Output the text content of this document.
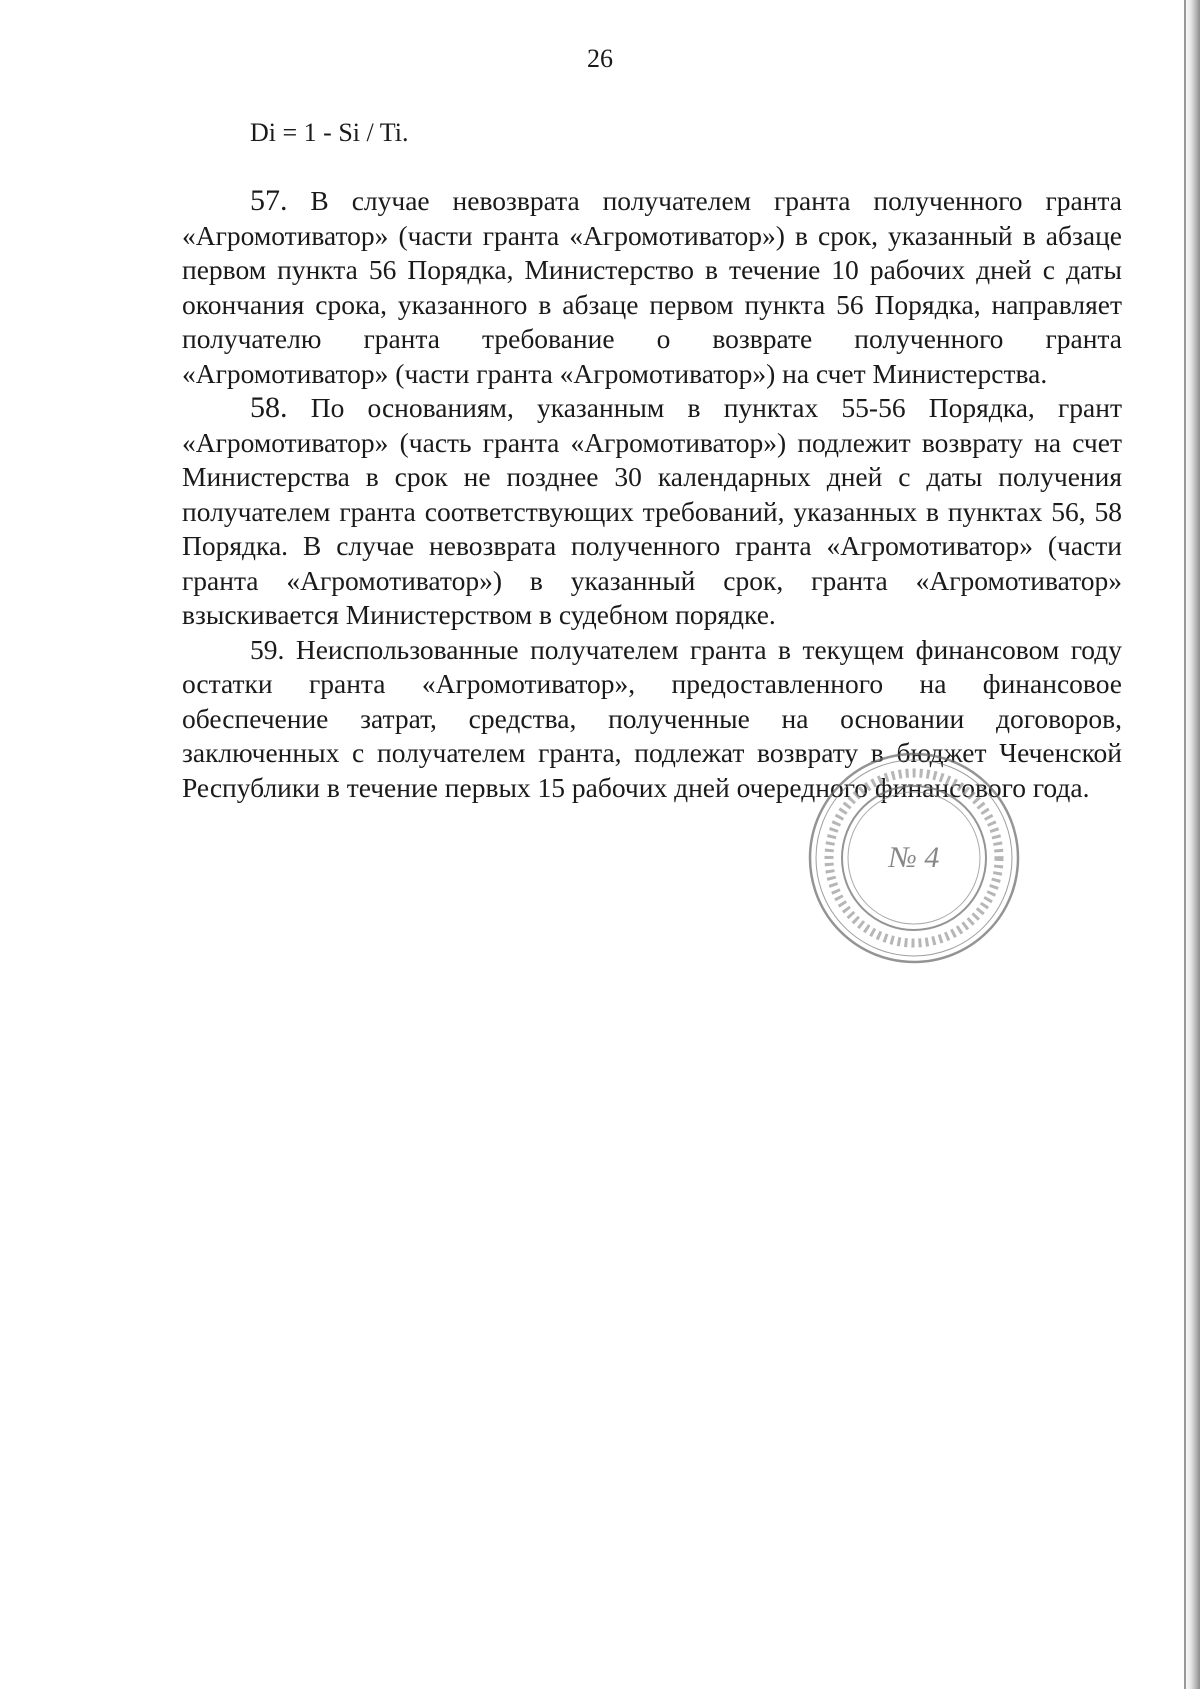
26
Di = 1 - Si / Ti.

57. В случае невозврата получателем гранта полученного гранта «Агромотиватор» (части гранта «Агромотиватор») в срок, указанный в абзаце первом пункта 56 Порядка, Министерство в течение 10 рабочих дней с даты окончания срока, указанного в абзаце первом пункта 56 Порядка, направляет получателю гранта требование о возврате полученного гранта «Агромотиватор» (части гранта «Агромотиватор») на счет Министерства.

58. По основаниям, указанным в пунктах 55-56 Порядка, грант «Агромотиватор» (часть гранта «Агромотиватор») подлежит возврату на счет Министерства в срок не позднее 30 календарных дней с даты получения получателем гранта соответствующих требований, указанных в пунктах 56, 58 Порядка. В случае невозврата полученного гранта «Агромотиватор» (части гранта «Агромотиватор») в указанный срок, гранта «Агромотиватор» взыскивается Министерством в судебном порядке.

59. Неиспользованные получателем гранта в текущем финансовом году остатки гранта «Агромотиватор», предоставленного на финансовое обеспечение затрат, средства, полученные на основании договоров, заключенных с получателем гранта, подлежат возврату в бюджет Чеченской Республики в течение первых 15 рабочих дней очередного финансового года.

№ 4
